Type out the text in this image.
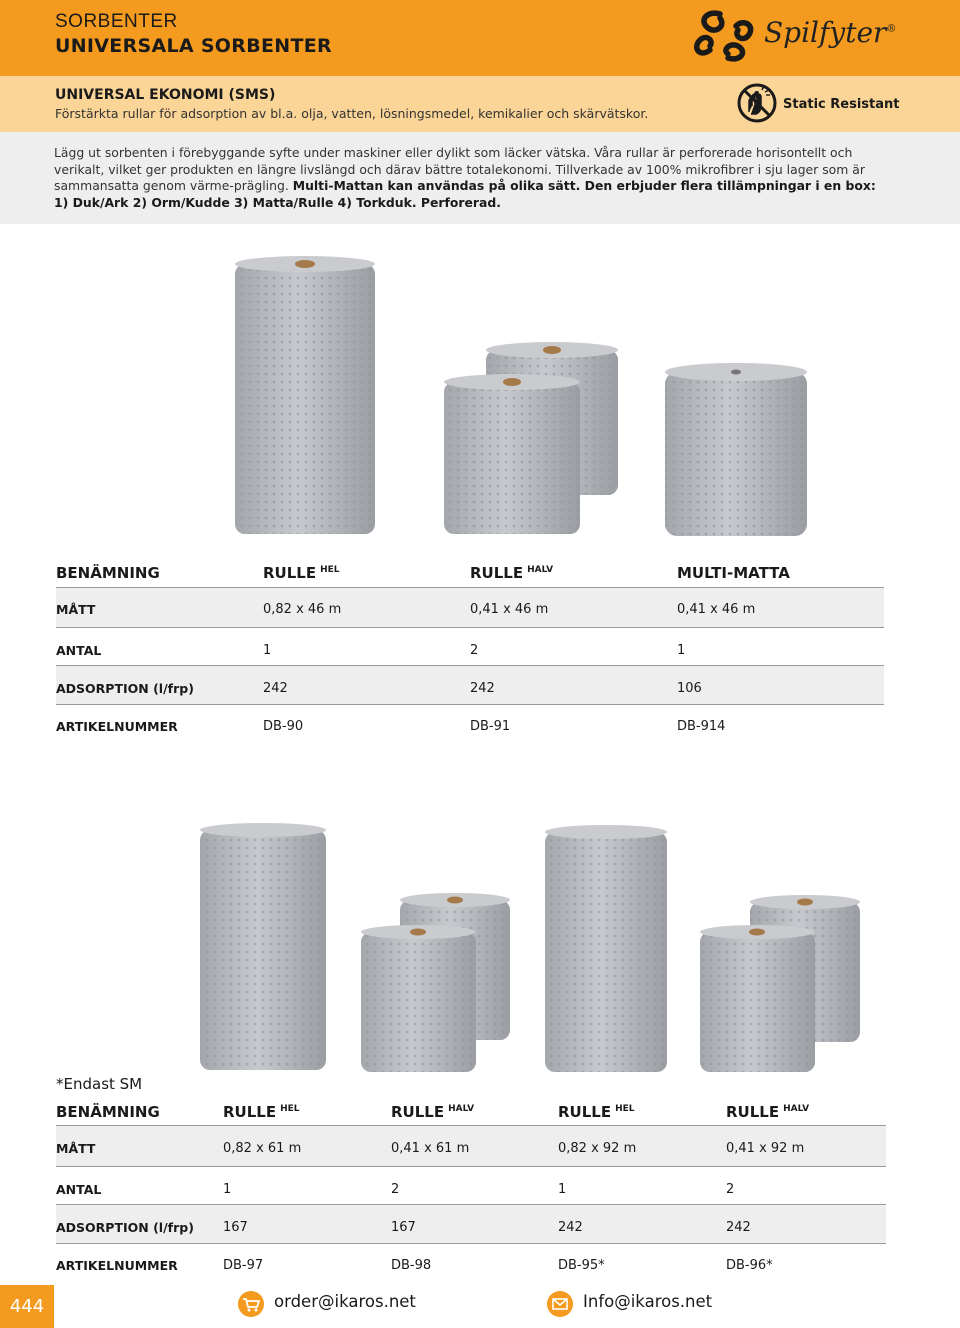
SORBENTER
UNIVERSALA SORBENTER	Spilfyter®
UNIVERSAL EKONOMI (SMS)
Förstärkta rullar för adsorption av bl.a. olja, vatten, lösningsmedel, kemikalier och skärvätskor.
Static Resistant
Lägg ut sorbenten i förebyggande syfte under maskiner eller dylikt som läcker vätska. Våra rullar är perforerade horisontellt och verikalt, vilket ger produkten en längre livslängd och därav bättre totalekonomi. Tillverkade av 100% mikrofibrer i sju lager som är sammansatta genom värme-prägling. Multi-Mattan kan användas på olika sätt. Den erbjuder flera tillämpningar i en box: 1) Duk/Ark 2) Orm/Kudde 3) Matta/Rulle 4) Torkduk. Perforerad.
BENÄMNING	RULLE $^{HEL}$	RULLE $^{HALV}$	MULTI-MATTA
MÅTT	0,82 x 46 m	0,41 x 46 m	0,41 x 46 m
ANTAL	1	2	1
ADSORPTION (l/frp)	242	242	106
ARTIKELNUMMER	DB-90	DB-91	DB-914
*Endast SM
BENÄMNING	RULLE $^{HEL}$	RULLE $^{HALV}$	RULLE $^{HEL}$	RULLE $^{HALV}$
MÅTT	0,82 x 61 m	0,41 x 61 m	0,82 x 92 m	0,41 x 92 m
ANTAL	1	2	1	2
ADSORPTION (l/frp) 167	167	242	242
ARTIKELNUMMER	DB-97	DB-98	DB-95*	DB-96*
444	order@ikaros.net	Info@ikaros.net
